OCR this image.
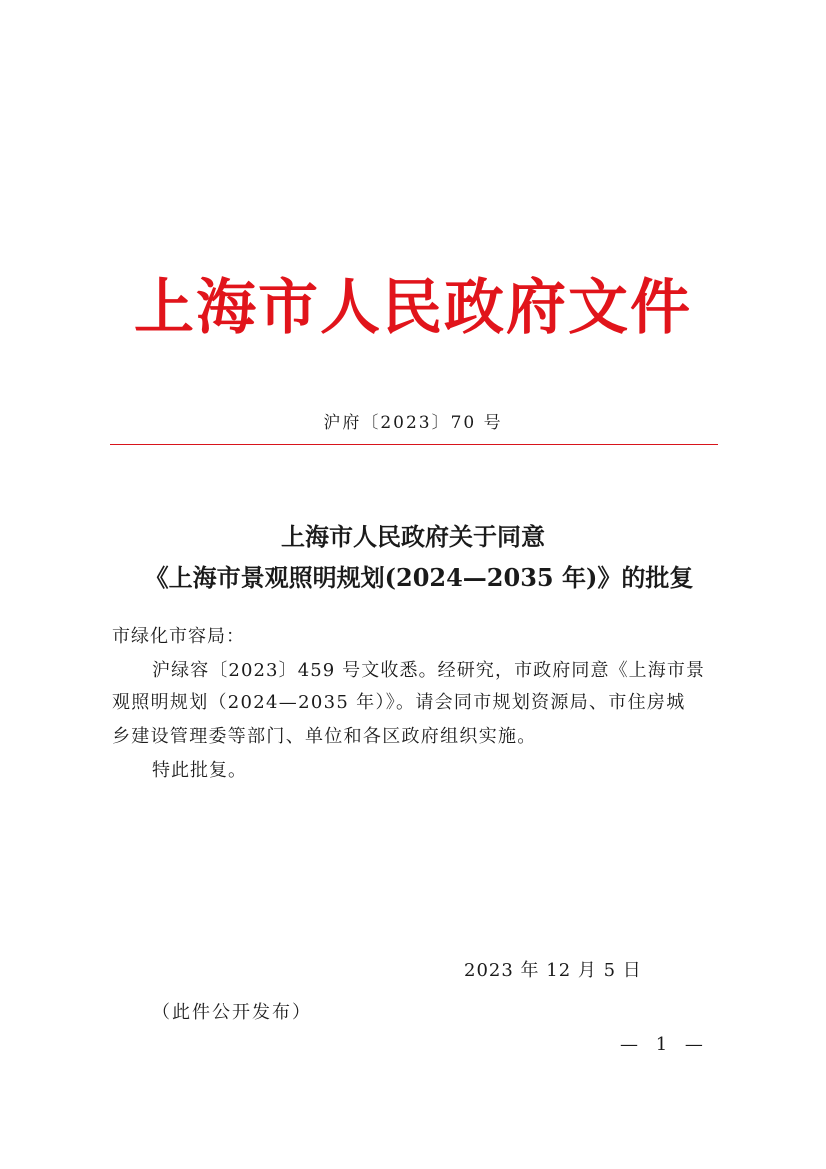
上海市人民政府文件
沪府〔2023〕70 号
上海市人民政府关于同意
《上海市景观照明规划(2024—2035 年)》的批复
市绿化市容局：
沪绿容〔2023〕459 号文收悉。经研究，市政府同意《上海市景
观照明规划（2024—2035 年）》。请会同市规划资源局、市住房城
乡建设管理委等部门、单位和各区政府组织实施。
特此批复。
2023 年 12 月 5 日
（此件公开发布）
— 1 —
